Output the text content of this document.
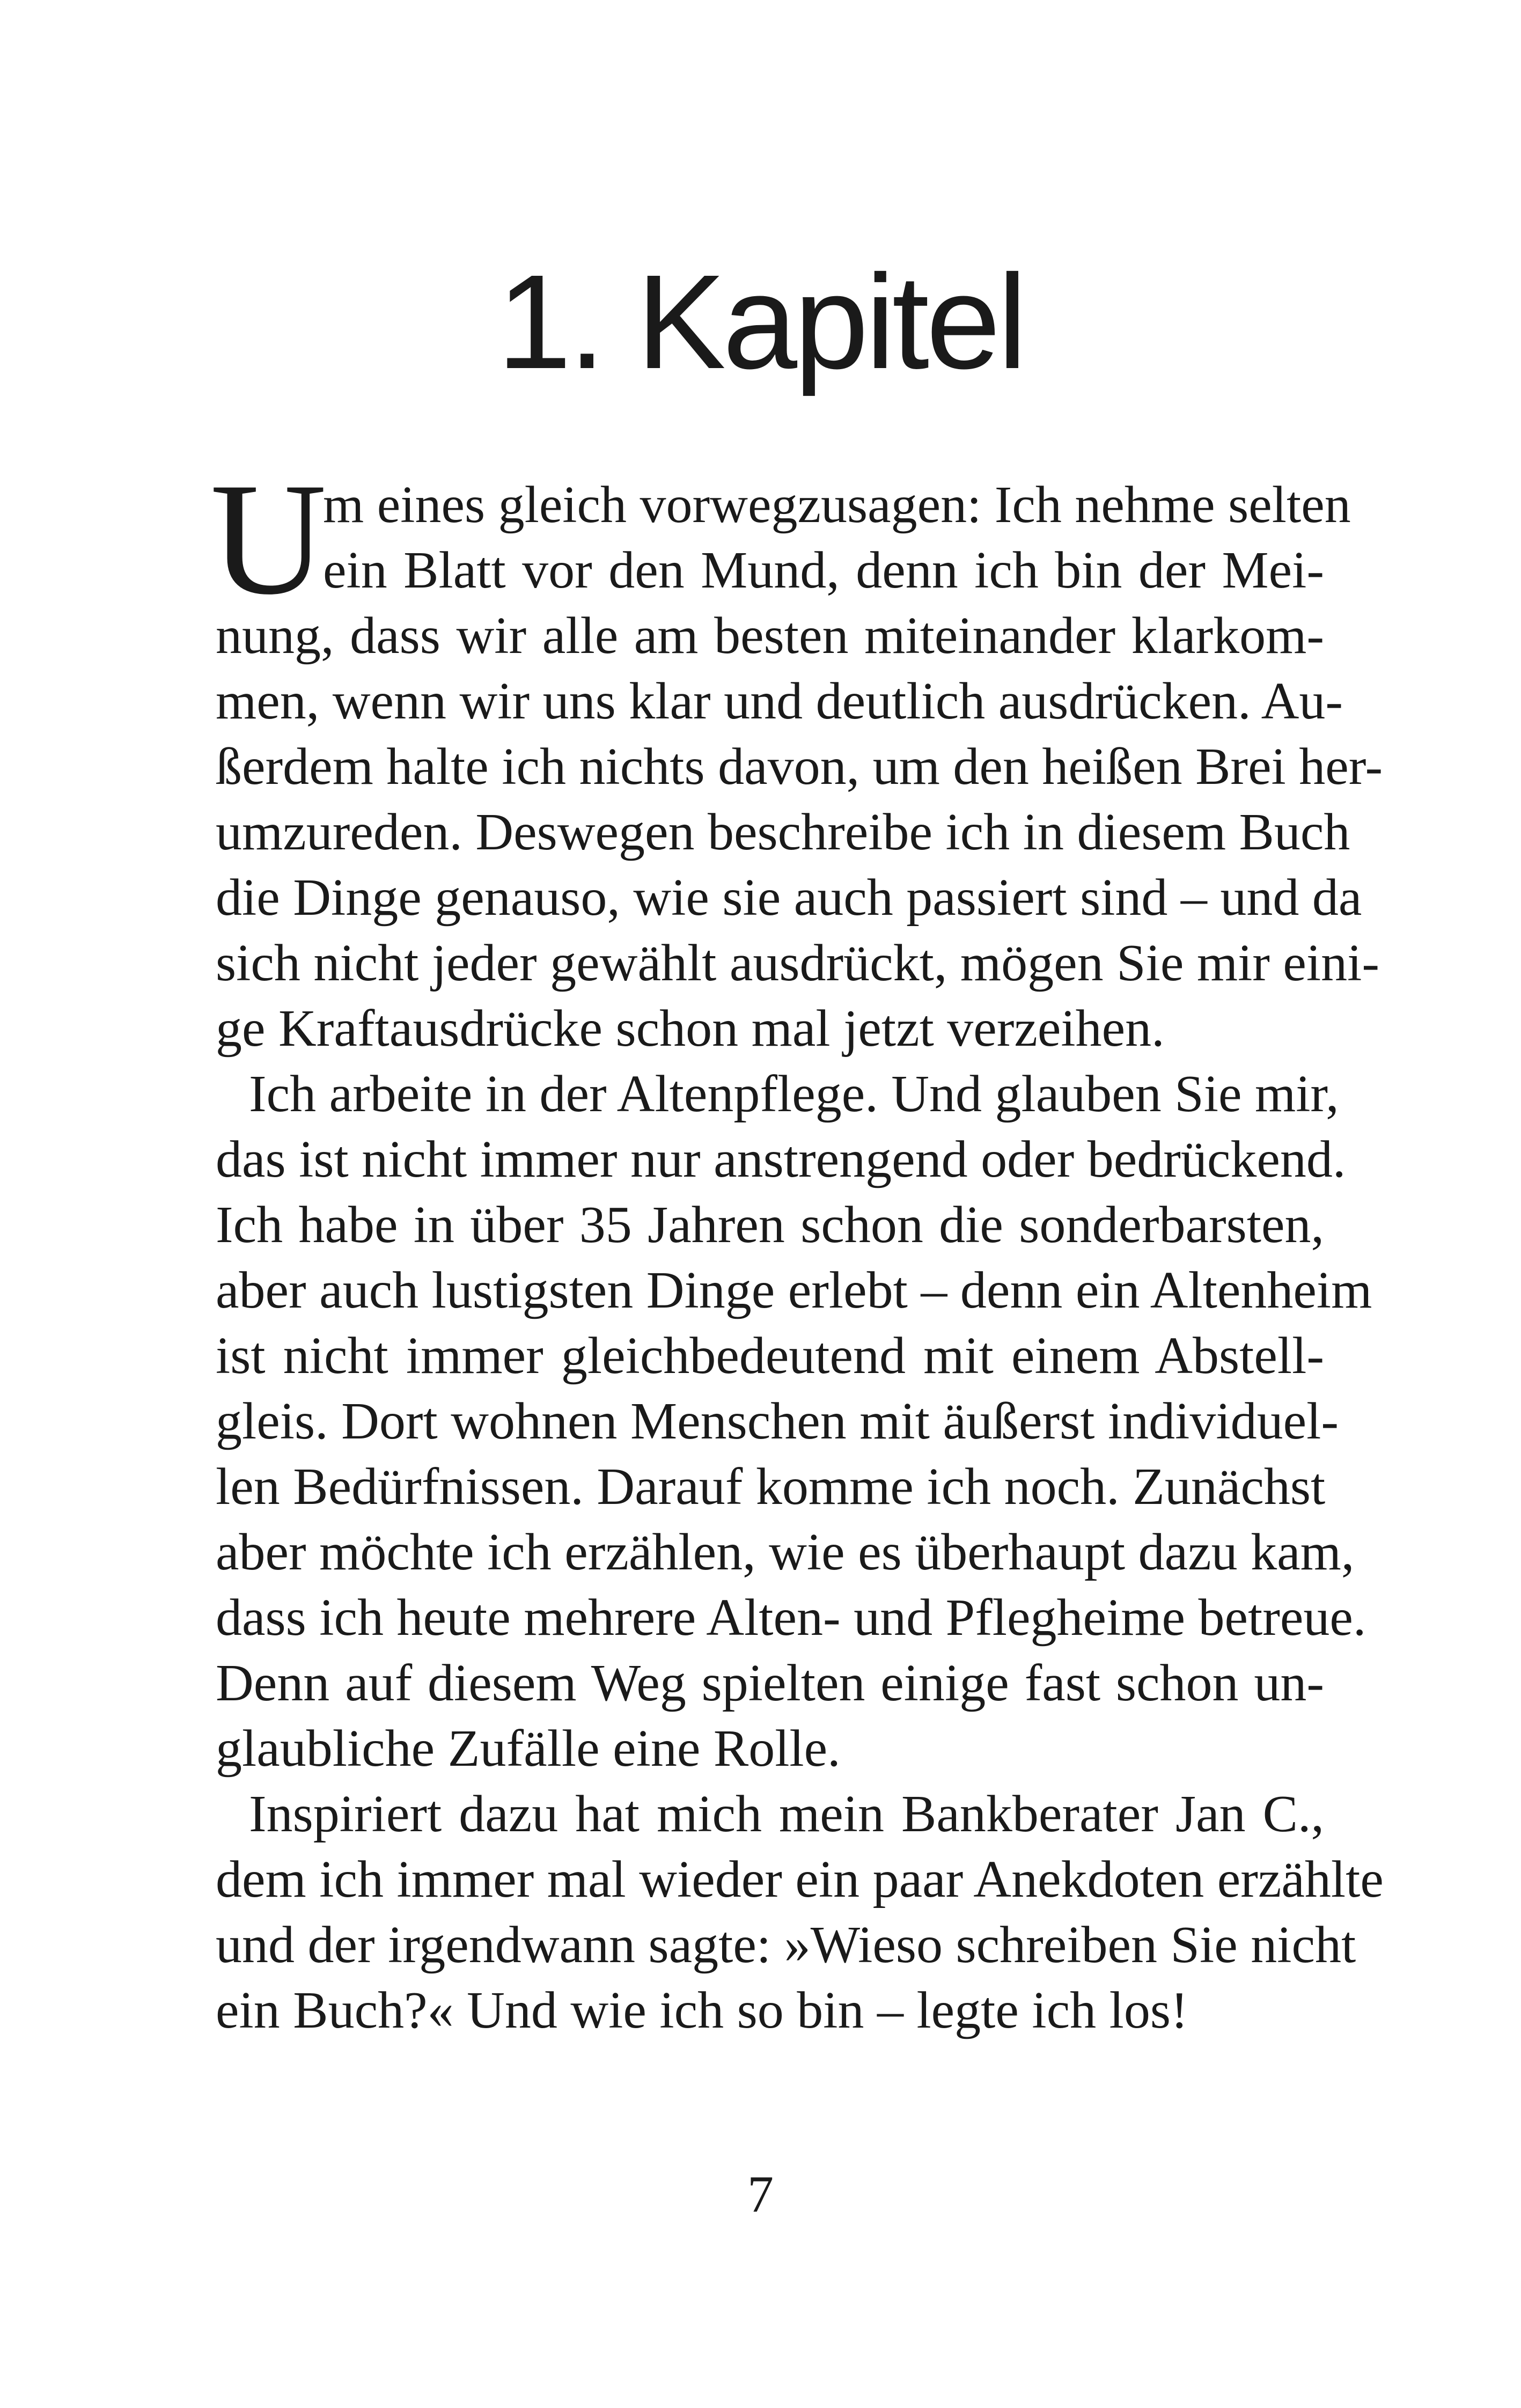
1. Kapitel
U
m eines gleich vorwegzusagen: Ich nehme selten
ein Blatt vor den Mund, denn ich bin der Mei-
nung, dass wir alle am besten miteinander klarkom-
men, wenn wir uns klar und deutlich ausdrücken. Au-
ßerdem halte ich nichts davon, um den heißen Brei her-
umzureden. Deswegen beschreibe ich in diesem Buch
die Dinge genauso, wie sie auch passiert sind – und da
sich nicht jeder gewählt ausdrückt, mögen Sie mir eini-
ge Kraftausdrücke schon mal jetzt verzeihen.
Ich arbeite in der Altenpflege. Und glauben Sie mir,
das ist nicht immer nur anstrengend oder bedrückend.
Ich habe in über 35 Jahren schon die sonderbarsten,
aber auch lustigsten Dinge erlebt – denn ein Altenheim
ist nicht immer gleichbedeutend mit einem Abstell-
gleis. Dort wohnen Menschen mit äußerst individuel-
len Bedürfnissen. Darauf komme ich noch. Zunächst
aber möchte ich erzählen, wie es überhaupt dazu kam,
dass ich heute mehrere Alten- und Pflegheime betreue.
Denn auf diesem Weg spielten einige fast schon un-
glaubliche Zufälle eine Rolle.
Inspiriert dazu hat mich mein Bankberater Jan C.,
dem ich immer mal wieder ein paar Anekdoten erzählte
und der irgendwann sagte: »Wieso schreiben Sie nicht
ein Buch?« Und wie ich so bin – legte ich los!
7
